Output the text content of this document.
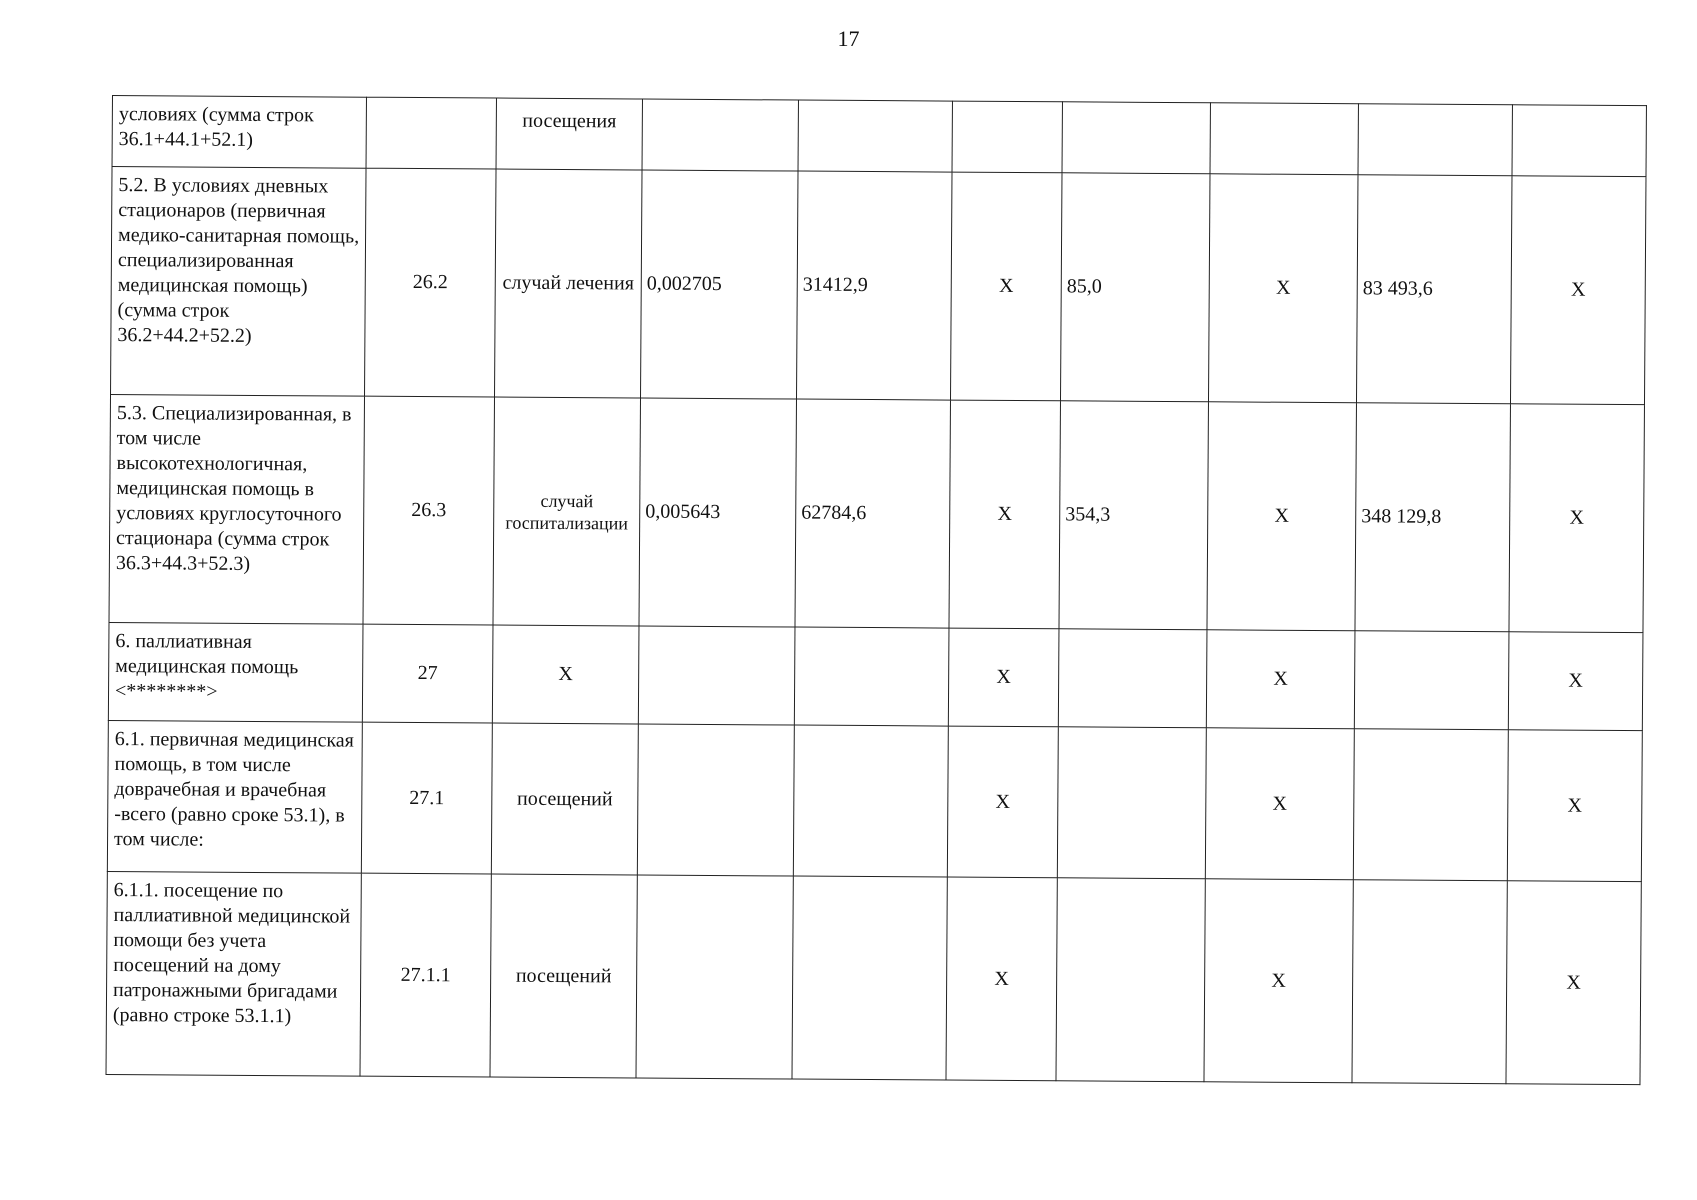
17
условиях (сумма строк 36.1+44.1+52.1)		посещения							
5.2. В условиях дневных стационаров (первичная медико-санитарная помощь, специализированная медицинская помощь) (сумма строк 36.2+44.2+52.2)	26.2	случай лечения	0,002705	31412,9	Х	85,0	Х	83 493,6	Х
5.3. Специализированная, в том числе высокотехнологичная, медицинская помощь в условиях круглосуточного стационара (сумма строк 36.3+44.3+52.3)	26.3	случай госпитализации	0,005643	62784,6	Х	354,3	Х	348 129,8	Х
6. паллиативная медицинская помощь <********>	27	Х			Х		Х		Х
6.1. первичная медицинская помощь, в том числе доврачебная и врачебная -всего (равно сроке 53.1), в том числе:	27.1	посещений			Х		Х		Х
6.1.1. посещение по паллиативной медицинской помощи без учета посещений на дому патронажными бригадами (равно строке 53.1.1)	27.1.1	посещений			Х		Х		Х
